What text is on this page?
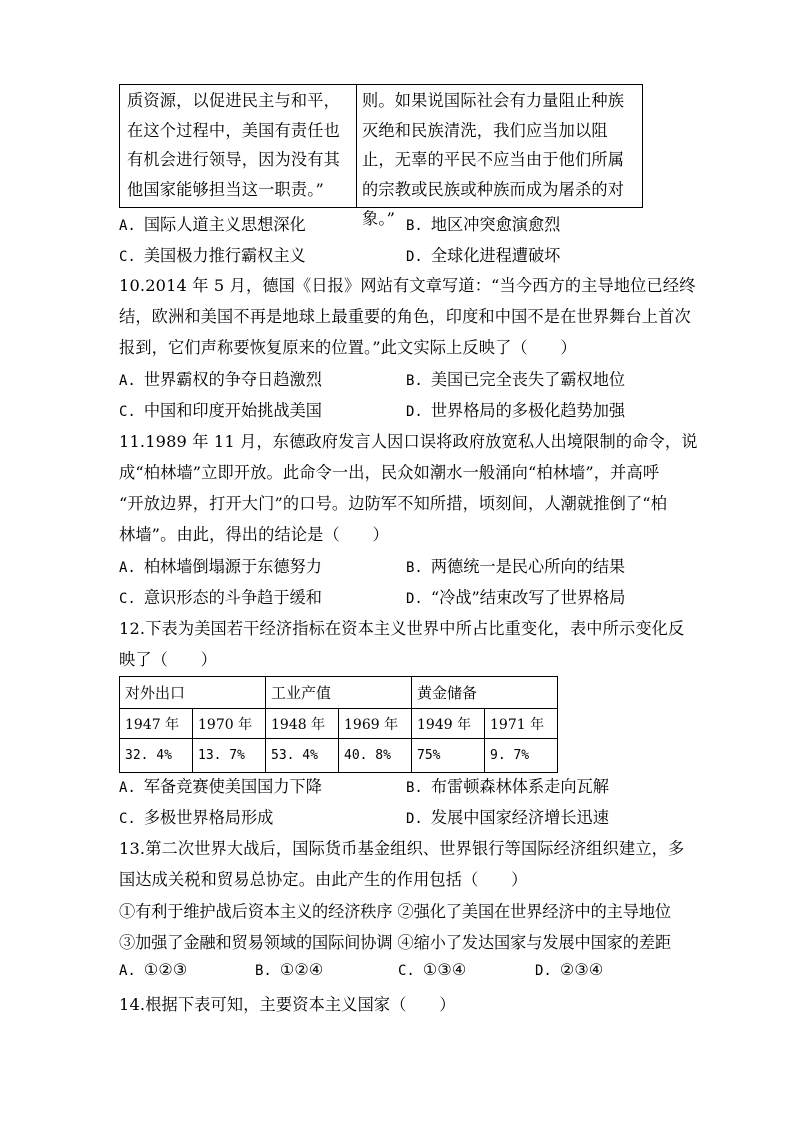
质资源，以促进民主与和平，在这个过程中，美国有责任也有机会进行领导，因为没有其他国家能够担当这一职责。”
则。如果说国际社会有力量阻止种族灭绝和民族清洗，我们应当加以阻止，无辜的平民不应当由于他们所属的宗教或民族或种族而成为屠杀的对象。”
A. 国际人道主义思想深化	B. 地区冲突愈演愈烈
C. 美国极力推行霸权主义	D. 全球化进程遭破坏
10.2014 年 5 月，德国《日报》网站有文章写道：“当今西方的主导地位已经终
结，欧洲和美国不再是地球上最重要的角色，印度和中国不是在世界舞台上首次
报到，它们声称要恢复原来的位置。”此文实际上反映了（　　）
A. 世界霸权的争夺日趋激烈	B. 美国已完全丧失了霸权地位
C. 中国和印度开始挑战美国	D. 世界格局的多极化趋势加强
11.1989 年 11 月，东德政府发言人因口误将政府放宽私人出境限制的命令，说
成“柏林墙”立即开放。此命令一出，民众如潮水一般涌向“柏林墙”，并高呼
“开放边界，打开大门”的口号。边防军不知所措，顷刻间，人潮就推倒了“柏
林墙”。由此，得出的结论是（　　）
A. 柏林墙倒塌源于东德努力	B. 两德统一是民心所向的结果
C. 意识形态的斗争趋于缓和	D. “冷战”结束改写了世界格局
12.下表为美国若干经济指标在资本主义世界中所占比重变化，表中所示变化反
映了（　　）
对外出口		工业产值		黄金储备	
1947 年	1970 年	1948 年	1969 年	1949 年	1971 年
32. 4%	13. 7%	53. 4%	40. 8%	75%	9. 7%
A. 军备竞赛使美国国力下降	B. 布雷顿森林体系走向瓦解
C. 多极世界格局形成	D. 发展中国家经济增长迅速
13.第二次世界大战后，国际货币基金组织、世界银行等国际经济组织建立，多
国达成关税和贸易总协定。由此产生的作用包括（　　）
①有利于维护战后资本主义的经济秩序 ②强化了美国在世界经济中的主导地位
③加强了金融和贸易领域的国际间协调 ④缩小了发达国家与发展中国家的差距
A. ①②③	B. ①②④	C. ①③④	D. ②③④
14.根据下表可知，主要资本主义国家（　　）
